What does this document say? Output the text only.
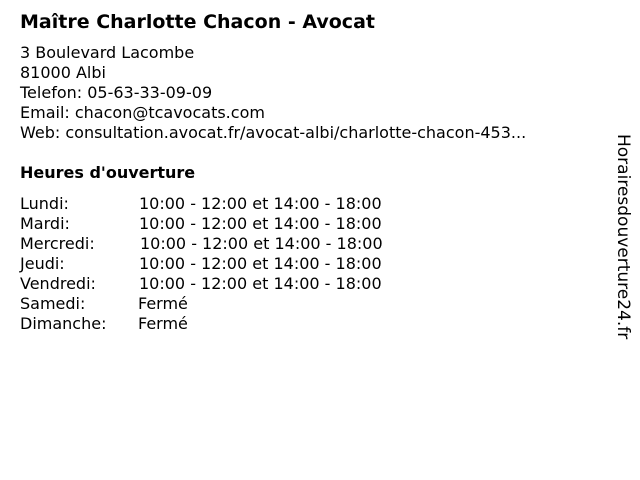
Maître Charlotte Chacon - Avocat
3 Boulevard Lacombe
81000 Albi
Telefon: 05-63-33-09-09
Email: chacon@tcavocats.com
Web: consultation.avocat.fr/avocat-albi/charlotte-chacon-453...
Heures d'ouverture
Lundi:	10:00 - 12:00 et 14:00 - 18:00
Mardi:	10:00 - 12:00 et 14:00 - 18:00
Mercredi:	10:00 - 12:00 et 14:00 - 18:00
Jeudi:	10:00 - 12:00 et 14:00 - 18:00
Vendredi:	10:00 - 12:00 et 14:00 - 18:00
Samedi:	Fermé
Dimanche: Fermé	Horairesdouverture24.fr
